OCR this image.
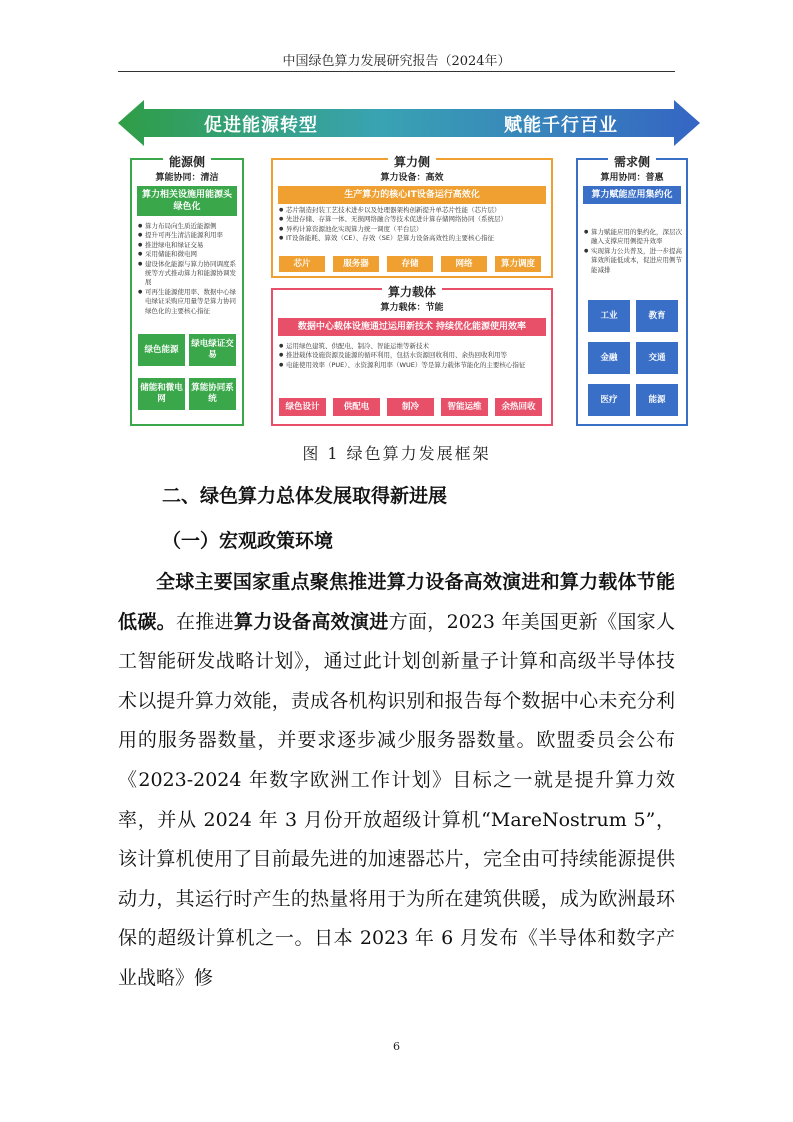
中国绿色算力发展研究报告（2024年）
促进能源转型	赋能千行百业
能源侧
算能协同：清洁
算力相关设施用能源头绿色化
● 算力布局向生质近能源侧
● 提升可再生清洁能源利用率
● 推进绿电和绿证交易
● 采用储能和微电网
● 建设体化能源与算力协同调度系统等方式推动算力和能源协调发展
● 可再生能源使用率、数据中心绿电绿证采购应用量等是算力协同绿色化的主要核心指征
绿色能源
绿电绿证交易
储能和微电网
算能协同系统
算力侧
算力设备：高效
生产算力的核心IT设备运行高效化
● 芯片制造封装工艺技术进步以及处理器架构创新提升单芯片性能（芯片层）
● 先进存储、存算一体、无损网络融合等技术促进计算存储网络协同（系统层）
● 异构计算资源池化实现算力统一调度（平台层）
● IT设备能耗、算效（CE）、存效（SE）是算力设备高效性的主要核心指征
芯片	服务器	存储	网络	算力调度
算力载体
算力载体：节能
数据中心载体设施通过运用新技术 持续优化能源使用效率
● 运用绿色建筑、供配电、制冷、智能运维等新技术
● 推进载体设施资源及能源的循环利用，包括水资源回收利用、余热回收利用等
● 电能使用效率（PUE）、水资源利用率（WUE）等是算力载体节能化的主要核心指征
绿色设计	供配电	制冷	智能运维	余热回收
需求侧
算用协同：普惠
算力赋能应用集约化
● 算力赋能应用的集约化，深层次融入支撑应用侧提升效率
● 实现算力公共普及，进一步提高算效所能低成本，促进应用侧节能减排
工业	教育
金融	交通
医疗	能源
图 1 绿色算力发展框架
二、绿色算力总体发展取得新进展
（一）宏观政策环境
全球主要国家重点聚焦推进算力设备高效演进和算力载体节能低碳。在推进算力设备高效演进方面，2023 年美国更新《国家人工智能研发战略计划》，通过此计划创新量子计算和高级半导体技术以提升算力效能，责成各机构识别和报告每个数据中心未充分利用的服务器数量，并要求逐步减少服务器数量。欧盟委员会公布《2023-2024 年数字欧洲工作计划》目标之一就是提升算力效率，并从 2024 年 3 月份开放超级计算机“MareNostrum 5”，该计算机使用了目前最先进的加速器芯片，完全由可持续能源提供动力，其运行时产生的热量将用于为所在建筑供暖，成为欧洲最环保的超级计算机之一。日本 2023 年 6 月发布《半导体和数字产业战略》修
6
